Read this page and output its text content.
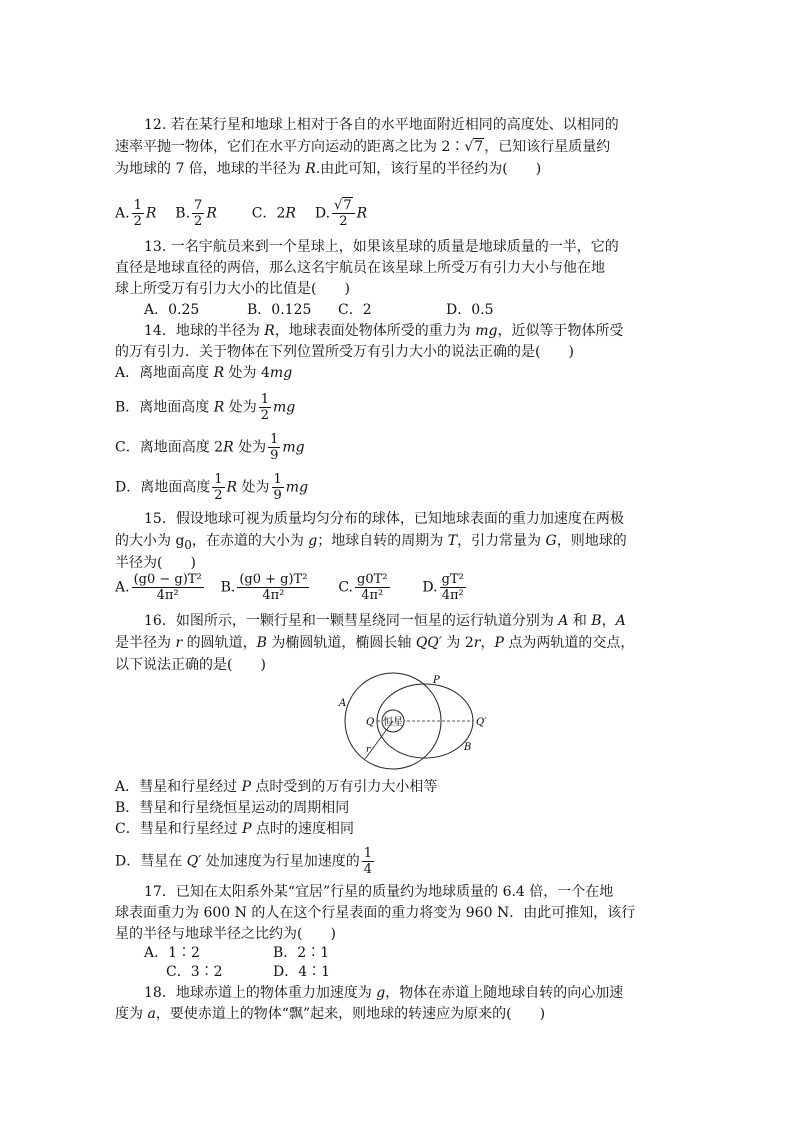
12. 若在某行星和地球上相对于各自的水平地面附近相同的高度处、以相同的
速率平抛一物体，它们在水平方向运动的距离之比为 2∶√7，已知该行星质量约
为地球的 7 倍，地球的半径为 R.由此可知，该行星的半径约为(　　)
A. $\frac{1}{2}$ R B. $\frac{7}{2}$ R C．2R D. $\frac{√7}{2}$ R
13. 一名宇航员来到一个星球上，如果该星球的质量是地球质量的一半，它的
直径是地球直径的两倍，那么这名宇航员在该星球上所受万有引力大小与他在地
球上所受万有引力大小的比值是(　　)
A．0.25	B．0.125 C．2	D．0.5
14．地球的半径为 R，地球表面处物体所受的重力为 mg，近似等于物体所受
的万有引力．关于物体在下列位置所受万有引力大小的说法正确的是(　　)
A．离地面高度 R 处为 4mg
B．离地面高度 R 处为 $\frac{1}{2}$ mg
C．离地面高度 2R 处为 $\frac{1}{9}$ mg
D．离地面高度 $\frac{1}{2}$ R 处为 $\frac{1}{9}$ mg
15．假设地球可视为质量均匀分布的球体，已知地球表面的重力加速度在两极
的大小为 $g_0$，在赤道的大小为 g；地球自转的周期为 T，引力常量为 G，则地球的
半径为(　　)
A. $\frac{\text{(g0 − g)T²}}{\text{4π²}} B$. $\frac{\text{(g0 + g)T²}}{\text{4π²}} C$. $\frac{\text{g0T²}}{\text{4π²}} D$. $\frac{\text{gT²}}{\text{4π²}}$
16．如图所示，一颗行星和一颗彗星绕同一恒星的运行轨道分别为 A 和 B，A
是半径为 r 的圆轨道，B 为椭圆轨道，椭圆长轴 QQ′ 为 2r，P 点为两轨道的交点，
以下说法正确的是(　　)
恒星
A
P
Q	Q′
B
r
A．彗星和行星经过 P 点时受到的万有引力大小相等
B．彗星和行星绕恒星运动的周期相同
C．彗星和行星经过 P 点时的速度相同
D．彗星在 Q′ 处加速度为行星加速度的 $\frac{1}{4}$
17．已知在太阳系外某“宜居”行星的质量约为地球质量的 6.4 倍，一个在地
球表面重力为 600 N 的人在这个行星表面的重力将变为 960 N．由此可推知，该行
星的半径与地球半径之比约为(　　)
A．1∶2	B．2∶1
C．3∶2	D．4∶1
18．地球赤道上的物体重力加速度为 g，物体在赤道上随地球自转的向心加速
度为 a，要使赤道上的物体“飘”起来，则地球的转速应为原来的(　　)
